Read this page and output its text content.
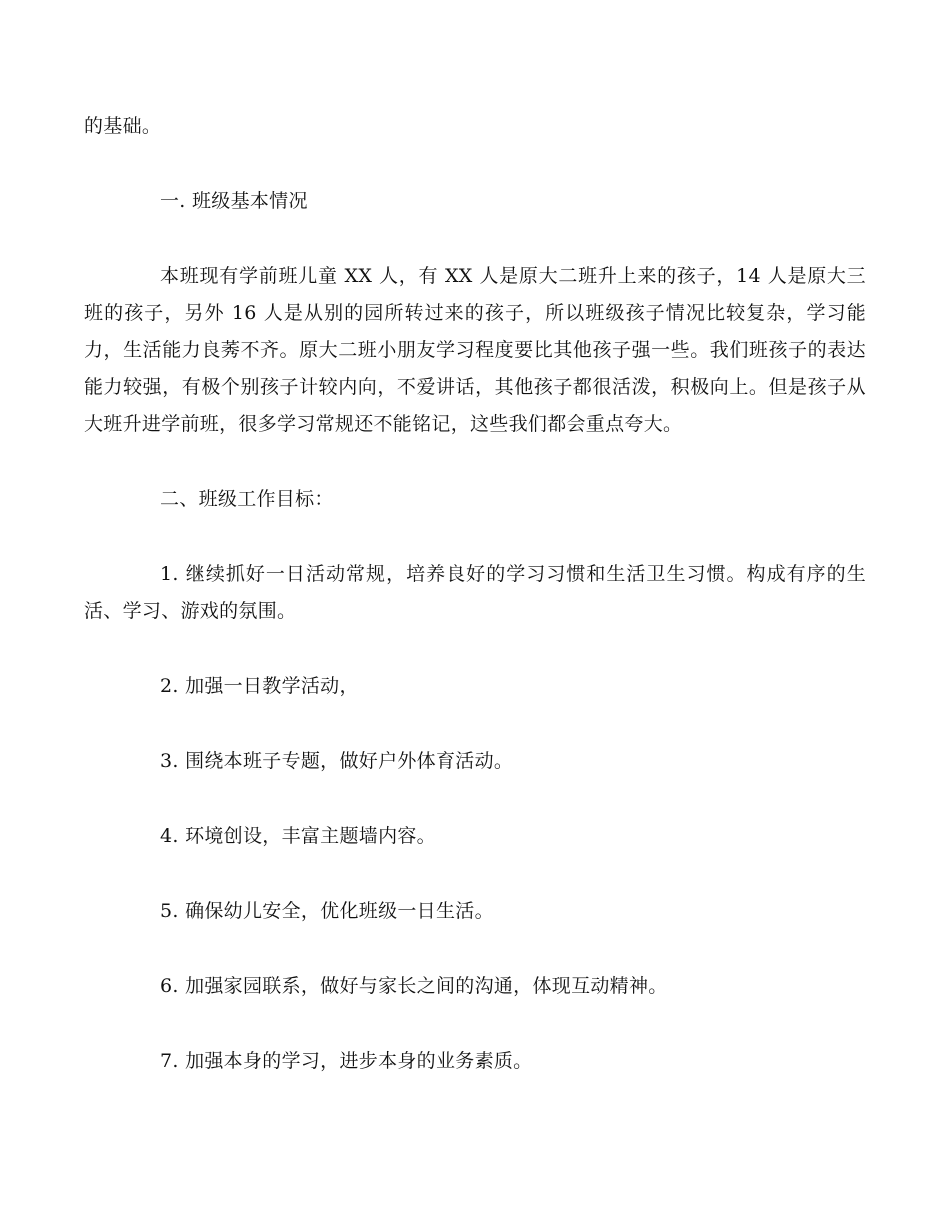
的基础。

一. 班级基本情况

本班现有学前班儿童 XX 人，有 XX 人是原大二班升上来的孩子，14 人是原大三班的孩子，另外 16 人是从别的园所转过来的孩子，所以班级孩子情况比较复杂，学习能力，生活能力良莠不齐。原大二班小朋友学习程度要比其他孩子强一些。我们班孩子的表达能力较强，有极个别孩子计较内向，不爱讲话，其他孩子都很活泼，积极向上。但是孩子从大班升进学前班，很多学习常规还不能铭记，这些我们都会重点夸大。

二、班级工作目标：

1. 继续抓好一日活动常规，培养良好的学习习惯和生活卫生习惯。构成有序的生活、学习、游戏的氛围。

2. 加强一日教学活动，

3. 围绕本班子专题，做好户外体育活动。

4. 环境创设，丰富主题墙内容。

5. 确保幼儿安全，优化班级一日生活。

6. 加强家园联系，做好与家长之间的沟通，体现互动精神。

7. 加强本身的学习，进步本身的业务素质。
